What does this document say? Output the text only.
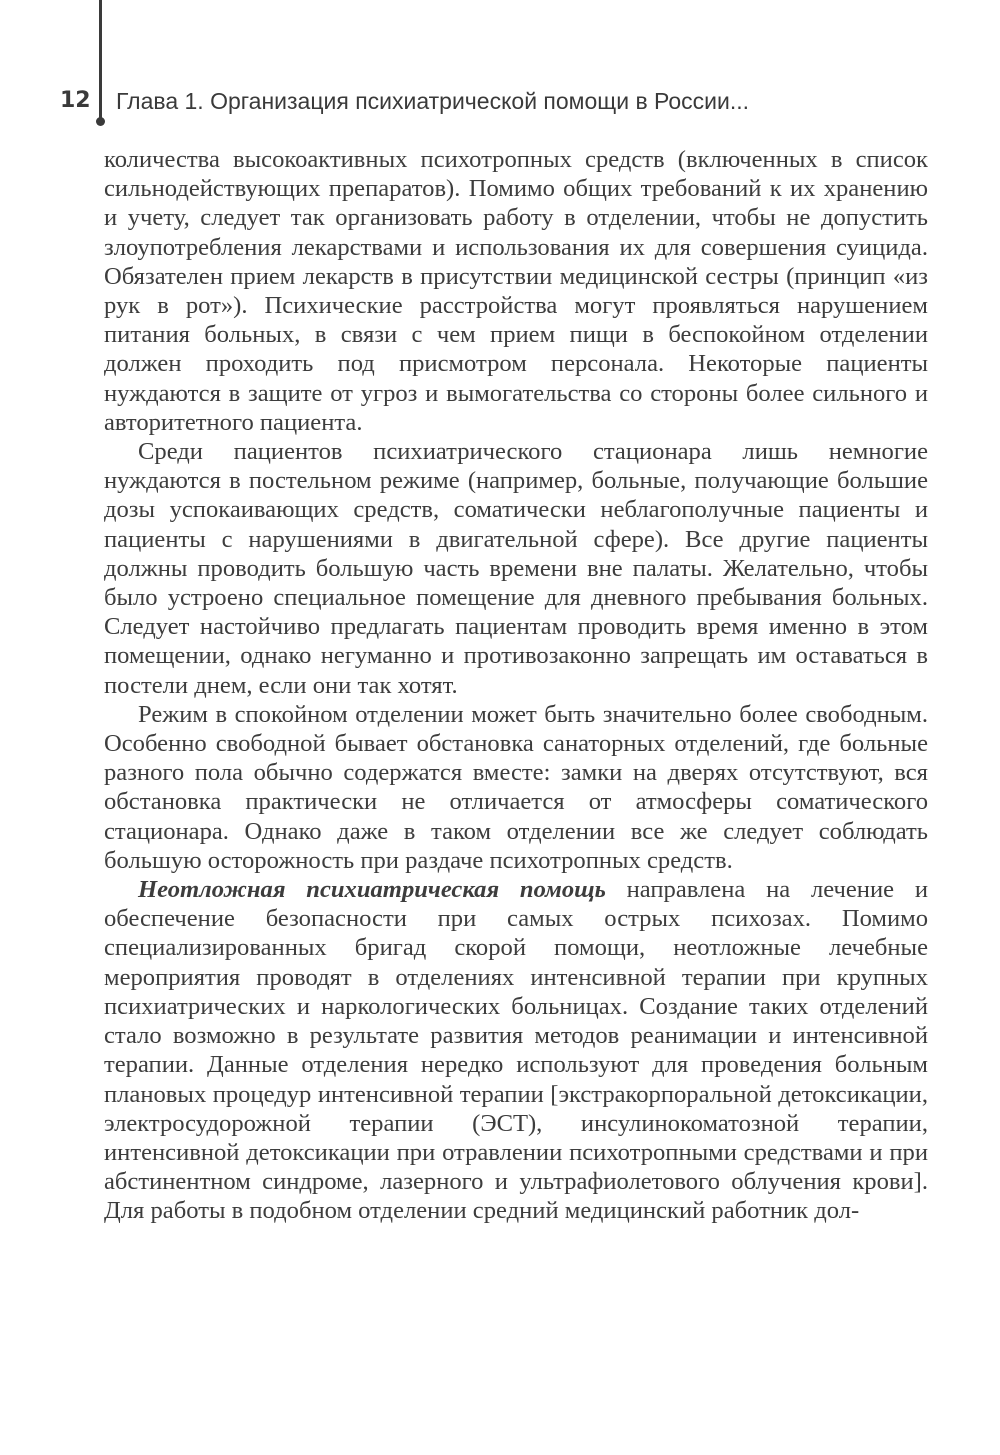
12 Глава 1. Организация психиатрической помощи в России...

количества высокоактивных психотропных средств (включенных в список сильнодействующих препаратов). Помимо общих требований к их хранению и учету, следует так организовать работу в отделении, чтобы не допустить злоупотребления лекарствами и использования их для совершения суицида. Обязателен прием лекарств в присутствии медицинской сестры (принцип «из рук в рот»). Психические расстройства могут проявляться нарушением питания больных, в связи с чем прием пищи в беспокойном отделении должен проходить под присмотром персонала. Некоторые пациенты нуждаются в защите от угроз и вымогательства со стороны более сильного и авторитетного пациента.

Среди пациентов психиатрического стационара лишь немногие нуждаются в постельном режиме (например, больные, получающие большие дозы успокаивающих средств, соматически неблагополучные пациенты и пациенты с нарушениями в двигательной сфере). Все другие пациенты должны проводить большую часть времени вне палаты. Желательно, чтобы было устроено специальное помещение для дневного пребывания больных. Следует настойчиво предлагать пациентам проводить время именно в этом помещении, однако негуманно и противозаконно запрещать им оставаться в постели днем, если они так хотят.

Режим в спокойном отделении может быть значительно более свободным. Особенно свободной бывает обстановка санаторных отделений, где больные разного пола обычно содержатся вместе: замки на дверях отсутствуют, вся обстановка практически не отличается от атмосферы соматического стационара. Однако даже в таком отделении все же следует соблюдать большую осторожность при раздаче психотропных средств.

Неотложная психиатрическая помощь направлена на лечение и обеспечение безопасности при самых острых психозах. Помимо специализированных бригад скорой помощи, неотложные лечебные мероприятия проводят в отделениях интенсивной терапии при крупных психиатрических и наркологических больницах. Создание таких отделений стало возможно в результате развития методов реанимации и интенсивной терапии. Данные отделения нередко используют для проведения больным плановых процедур интенсивной терапии [экстракорпоральной детоксикации, электросудорожной терапии (ЭСТ), инсулинокоматозной терапии, интенсивной детоксикации при отравлении психотропными средствами и при абстинентном синдроме, лазерного и ультрафиолетового облучения крови]. Для работы в подобном отделении средний медицинский работник дол-
